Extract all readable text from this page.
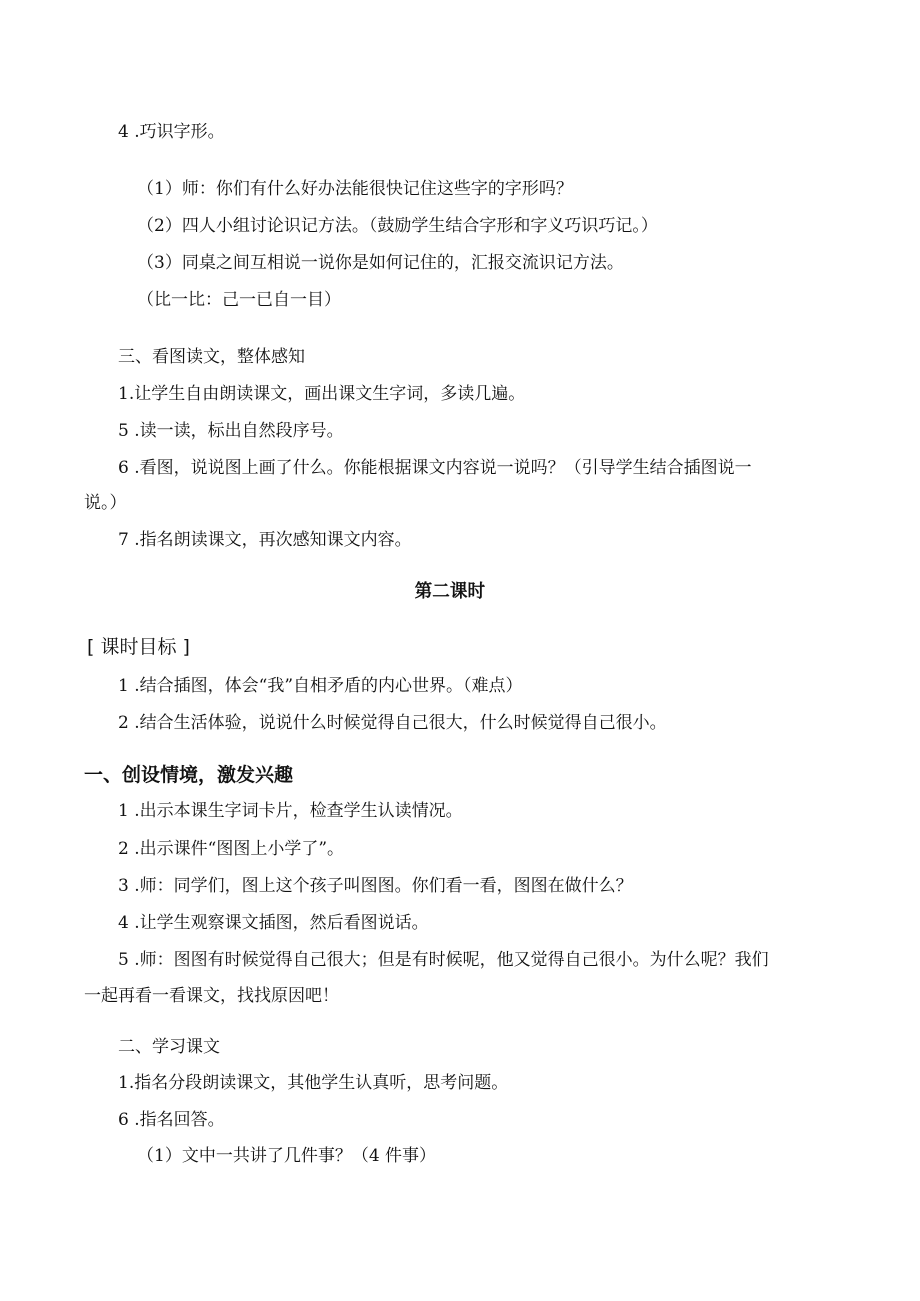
4 .巧识字形。
（1）师：你们有什么好办法能很快记住这些字的字形吗？
（2）四人小组讨论识记方法。（鼓励学生结合字形和字义巧识巧记。）
（3）同桌之间互相说一说你是如何记住的，汇报交流识记方法。
（比一比：己一已自一目）
三、看图读文，整体感知
1.让学生自由朗读课文，画出课文生字词，多读几遍。
5 .读一读，标出自然段序号。
6 .看图，说说图上画了什么。你能根据课文内容说一说吗？（引导学生结合插图说一
说。）
7 .指名朗读课文，再次感知课文内容。
第二课时
[ 课时目标 ]
1 .结合插图，体会“我”自相矛盾的内心世界。（难点）
2 .结合生活体验，说说什么时候觉得自己很大，什么时候觉得自己很小。
一、创设情境，激发兴趣
1 .出示本课生字词卡片，检查学生认读情况。
2 .出示课件“图图上小学了”。
3 .师：同学们，图上这个孩子叫图图。你们看一看，图图在做什么？
4 .让学生观察课文插图，然后看图说话。
5 .师：图图有时候觉得自己很大；但是有时候呢，他又觉得自己很小。为什么呢？我们
一起再看一看课文，找找原因吧！
二、学习课文
1.指名分段朗读课文，其他学生认真听，思考问题。
6 .指名回答。
（1）文中一共讲了几件事？（4 件事）
